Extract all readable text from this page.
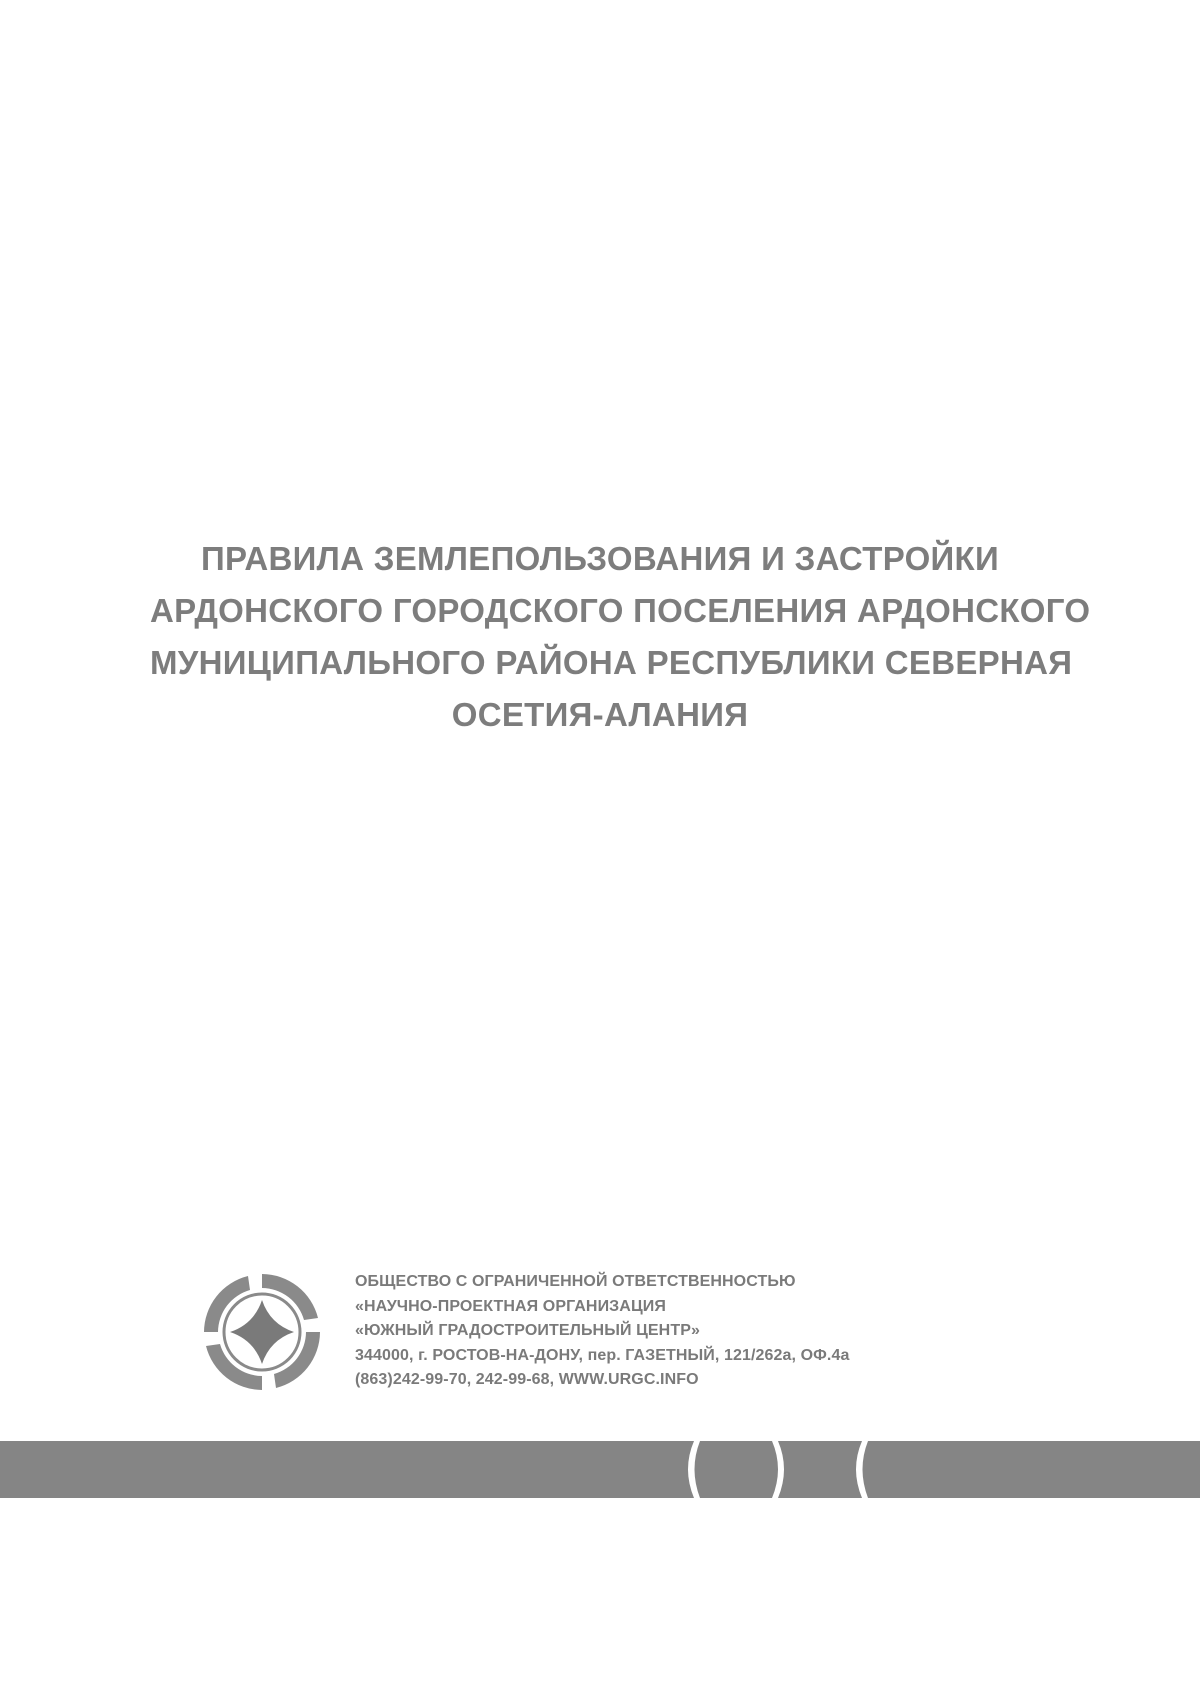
ПРАВИЛА ЗЕМЛЕПОЛЬЗОВАНИЯ И ЗАСТРОЙКИ
АРДОНСКОГО ГОРОДСКОГО ПОСЕЛЕНИЯ АРДОНСКОГО
МУНИЦИПАЛЬНОГО РАЙОНА РЕСПУБЛИКИ СЕВЕРНАЯ
ОСЕТИЯ-АЛАНИЯ
ОБЩЕСТВО С ОГРАНИЧЕННОЙ ОТВЕТСТВЕННОСТЬЮ
«НАУЧНО-ПРОЕКТНАЯ ОРГАНИЗАЦИЯ
«ЮЖНЫЙ ГРАДОСТРОИТЕЛЬНЫЙ ЦЕНТР»
344000, г. РОСТОВ-НА-ДОНУ, пер. ГАЗЕТНЫЙ, 121/262а, ОФ.4а
(863)242-99-70, 242-99-68, WWW.URGC.INFO
